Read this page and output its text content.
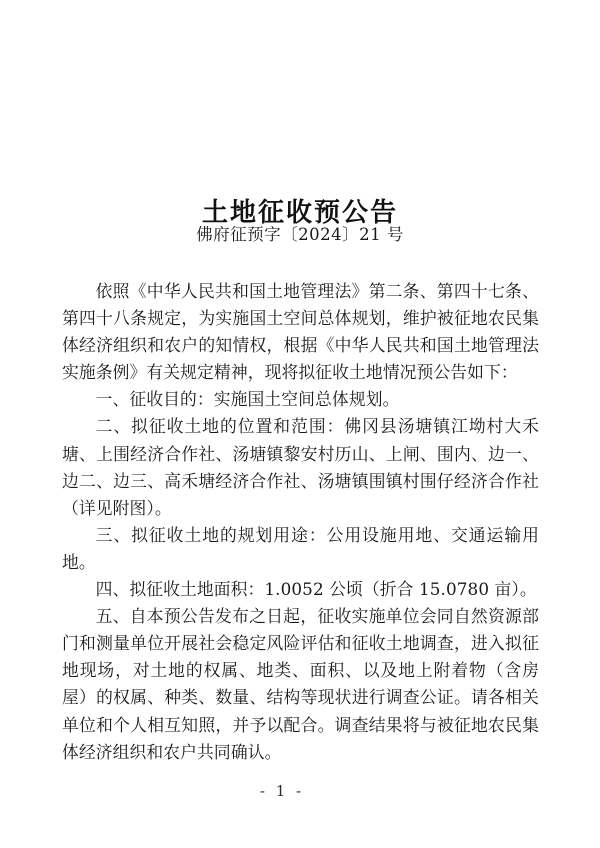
土地征收预公告
佛府征预字〔2024〕21 号

依照《中华人民共和国土地管理法》第二条、第四十七条、第四十八条规定，为实施国土空间总体规划，维护被征地农民集体经济组织和农户的知情权，根据《中华人民共和国土地管理法实施条例》有关规定精神，现将拟征收土地情况预公告如下：

一、征收目的：实施国土空间总体规划。

二、拟征收土地的位置和范围：佛冈县汤塘镇江坳村大禾塘、上围经济合作社、汤塘镇黎安村历山、上闸、围内、边一、边二、边三、高禾塘经济合作社、汤塘镇围镇村围仔经济合作社（详见附图）。

三、拟征收土地的规划用途：公用设施用地、交通运输用地。

四、拟征收土地面积：1.0052 公顷（折合 15.0780 亩）。

五、自本预公告发布之日起，征收实施单位会同自然资源部门和测量单位开展社会稳定风险评估和征收土地调查，进入拟征地现场，对土地的权属、地类、面积、以及地上附着物（含房屋）的权属、种类、数量、结构等现状进行调查公证。请各相关单位和个人相互知照，并予以配合。调查结果将与被征地农民集体经济组织和农户共同确认。

- 1 -
